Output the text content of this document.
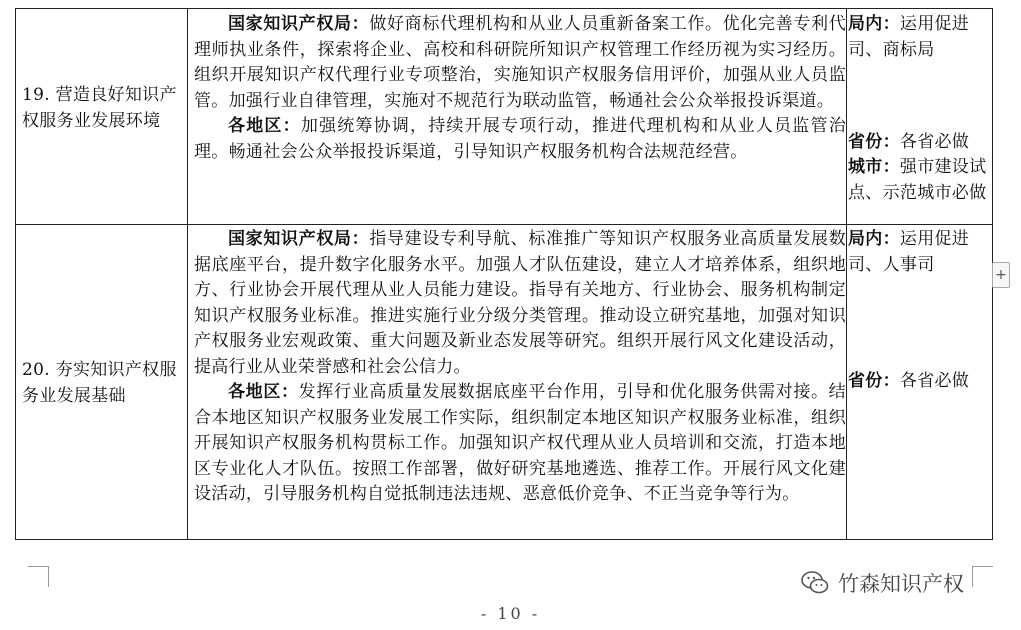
19. 营造良好知识产权服务业发展环境

国家知识产权局：做好商标代理机构和从业人员重新备案工作。优化完善专利代理师执业条件，探索将企业、高校和科研院所知识产权管理工作经历视为实习经历。组织开展知识产权代理行业专项整治，实施知识产权服务信用评价，加强从业人员监管。加强行业自律管理，实施对不规范行为联动监管，畅通社会公众举报投诉渠道。

各地区：加强统筹协调，持续开展专项行动，推进代理机构和从业人员监管治理。畅通社会公众举报投诉渠道，引导知识产权服务机构合法规范经营。

局内：运用促进司、商标局
省份：各省必做
城市：强市建设试点、示范城市必做
20. 夯实知识产权服务业发展基础

国家知识产权局：指导建设专利导航、标准推广等知识产权服务业高质量发展数据底座平台，提升数字化服务水平。加强人才队伍建设，建立人才培养体系，组织地方、行业协会开展代理从业人员能力建设。指导有关地方、行业协会、服务机构制定知识产权服务业标准。推进实施行业分级分类管理。推动设立研究基地，加强对知识产权服务业宏观政策、重大问题及新业态发展等研究。组织开展行风文化建设活动，提高行业从业荣誉感和社会公信力。

各地区：发挥行业高质量发展数据底座平台作用，引导和优化服务供需对接。结合本地区知识产权服务业发展工作实际，组织制定本地区知识产权服务业标准，组织开展知识产权服务机构贯标工作。加强知识产权代理从业人员培训和交流，打造本地区专业化人才队伍。按照工作部署，做好研究基地遴选、推荐工作。开展行风文化建设活动，引导服务机构自觉抵制违法违规、恶意低价竞争、不正当竞争等行为。

局内：运用促进司、人事司
省份：各省必做
+
竹森知识产权
- 10 -
